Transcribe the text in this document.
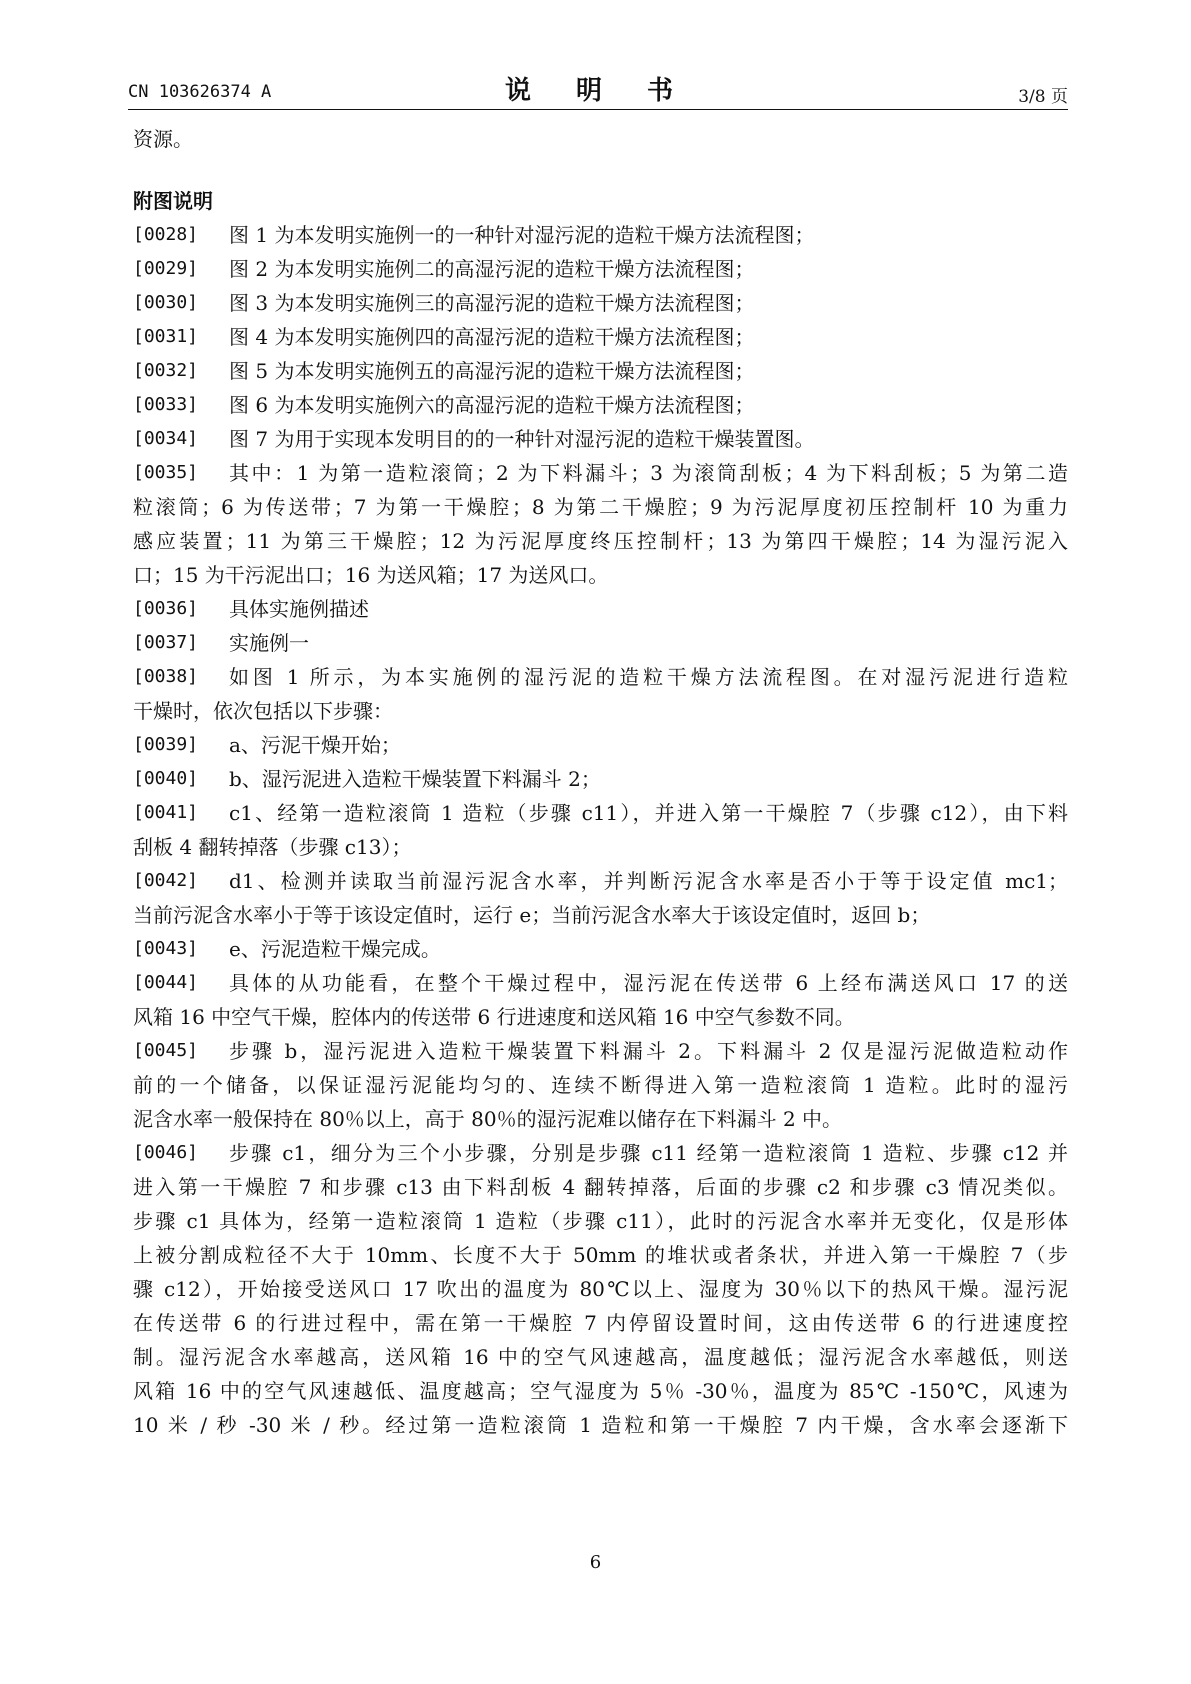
CN 103626374 A	说 明 书	3/8 页
资源。
附图说明
[0028]	图 1 为本发明实施例一的一种针对湿污泥的造粒干燥方法流程图；
[0029]	图 2 为本发明实施例二的高湿污泥的造粒干燥方法流程图；
[0030]	图 3 为本发明实施例三的高湿污泥的造粒干燥方法流程图；
[0031]	图 4 为本发明实施例四的高湿污泥的造粒干燥方法流程图；
[0032]	图 5 为本发明实施例五的高湿污泥的造粒干燥方法流程图；
[0033]	图 6 为本发明实施例六的高湿污泥的造粒干燥方法流程图；
[0034]	图 7 为用于实现本发明目的的一种针对湿污泥的造粒干燥装置图。
[0035]	其中：1 为第一造粒滚筒；2 为下料漏斗；3 为滚筒刮板；4 为下料刮板；5 为第二造
粒滚筒；6 为传送带；7 为第一干燥腔；8 为第二干燥腔；9 为污泥厚度初压控制杆 10 为重力
感应装置；11 为第三干燥腔；12 为污泥厚度终压控制杆；13 为第四干燥腔；14 为湿污泥入
口；15 为干污泥出口；16 为送风箱；17 为送风口。
[0036]	具体实施例描述
[0037]	实施例一
[0038]	如图 1 所示，为本实施例的湿污泥的造粒干燥方法流程图。在对湿污泥进行造粒
干燥时，依次包括以下步骤：
[0039]	a、污泥干燥开始；
[0040]	b、湿污泥进入造粒干燥装置下料漏斗 2；
[0041]	c1、经第一造粒滚筒 1 造粒（步骤 c11），并进入第一干燥腔 7（步骤 c12），由下料
刮板 4 翻转掉落（步骤 c13）；
[0042]	d1、检测并读取当前湿污泥含水率，并判断污泥含水率是否小于等于设定值 mc1；
当前污泥含水率小于等于该设定值时，运行 e；当前污泥含水率大于该设定值时，返回 b；
[0043]	e、污泥造粒干燥完成。
[0044]	具体的从功能看，在整个干燥过程中，湿污泥在传送带 6 上经布满送风口 17 的送
风箱 16 中空气干燥，腔体内的传送带 6 行进速度和送风箱 16 中空气参数不同。
[0045]	步骤 b，湿污泥进入造粒干燥装置下料漏斗 2。下料漏斗 2 仅是湿污泥做造粒动作
前的一个储备，以保证湿污泥能均匀的、连续不断得进入第一造粒滚筒 1 造粒。此时的湿污
泥含水率一般保持在 80％以上，高于 80％的湿污泥难以储存在下料漏斗 2 中。
[0046]	步骤 c1，细分为三个小步骤，分别是步骤 c11 经第一造粒滚筒 1 造粒、步骤 c12 并
进入第一干燥腔 7 和步骤 c13 由下料刮板 4 翻转掉落，后面的步骤 c2 和步骤 c3 情况类似。
步骤 c1 具体为，经第一造粒滚筒 1 造粒（步骤 c11），此时的污泥含水率并无变化，仅是形体
上被分割成粒径不大于 10mm、长度不大于 50mm 的堆状或者条状，并进入第一干燥腔 7（步
骤 c12），开始接受送风口 17 吹出的温度为 80℃以上、湿度为 30％以下的热风干燥。湿污泥
在传送带 6 的行进过程中，需在第一干燥腔 7 内停留设置时间，这由传送带 6 的行进速度控
制。湿污泥含水率越高，送风箱 16 中的空气风速越高，温度越低；湿污泥含水率越低，则送
风箱 16 中的空气风速越低、温度越高；空气湿度为 5％ -30％，温度为 85℃ -150℃，风速为
10 米 / 秒 -30 米 / 秒。经过第一造粒滚筒 1 造粒和第一干燥腔 7 内干燥，含水率会逐渐下
6
